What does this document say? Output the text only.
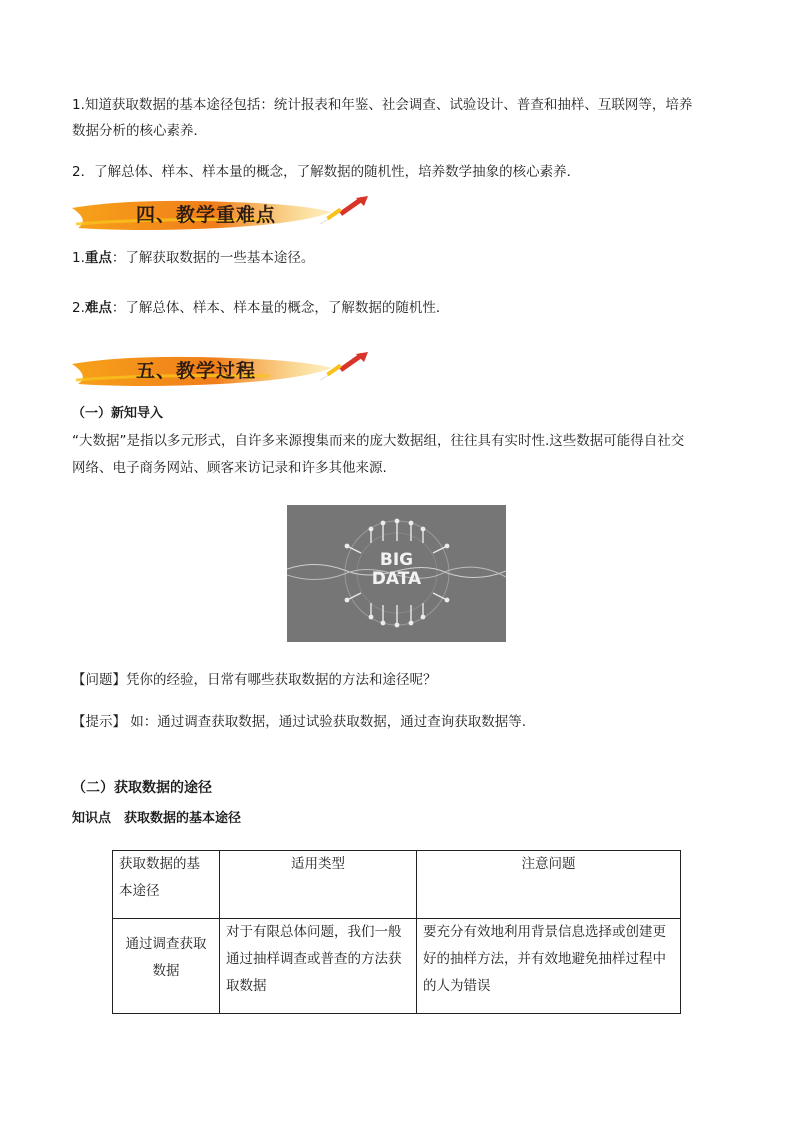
1.知道获取数据的基本途径包括：统计报表和年鉴、社会调查、试验设计、普查和抽样、互联网等，培养
数据分析的核心素养．
2．了解总体、样本、样本量的概念，了解数据的随机性，培养数学抽象的核心素养．
四、教学重难点
1.重点：了解获取数据的一些基本途径。
2.难点：了解总体、样本、样本量的概念，了解数据的随机性．
五、教学过程
（一）新知导入
“大数据”是指以多元形式，自许多来源搜集而来的庞大数据组，往往具有实时性.这些数据可能得自社交
网络、电子商务网站、顾客来访记录和许多其他来源.
BIG
DATA
【问题】凭你的经验，日常有哪些获取数据的方法和途径呢？
【提示】 如：通过调查获取数据，通过试验获取数据，通过查询获取数据等.
（二）获取数据的途径
知识点　获取数据的基本途径
获取数据的基本途径	适用类型	注意问题
通过调查获取数据	对于有限总体问题，我们一般通过抽样调查或普查的方法获取数据	要充分有效地利用背景信息选择或创建更好的抽样方法，并有效地避免抽样过程中的人为错误
